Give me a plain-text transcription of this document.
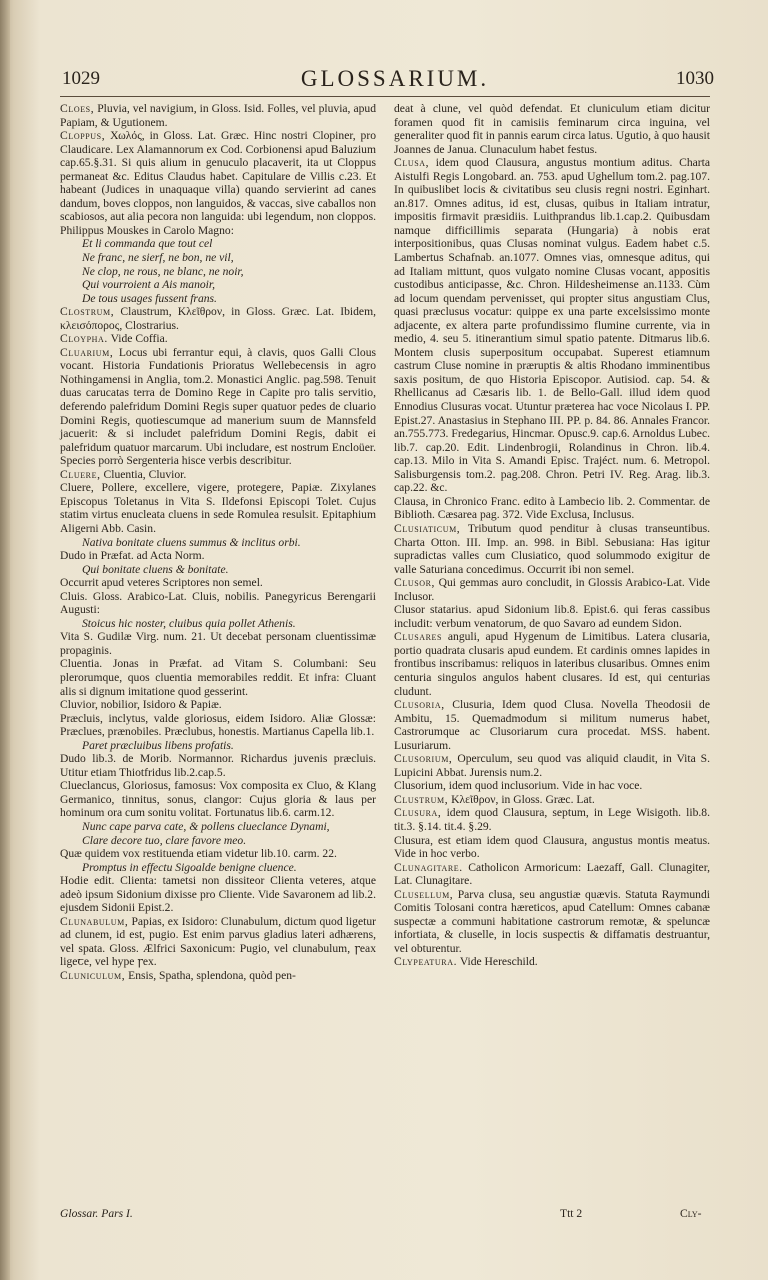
1029	GLOSSARIUM.	1030

Cloes, Pluvia, vel navigium, in Gloss. Isid. Folles, vel pluvia, apud Papiam, & Ugutionem.

Cloppus, Χωλός, in Gloss. Lat. Græc. Hinc nostri Clopiner, pro Claudicare. Lex Alamannorum ex Cod. Corbionensi apud Baluzium cap.65.§.31. Si quis alium in genuculo placaverit, ita ut Cloppus permaneat &c. Editus Claudus habet. Capitulare de Villis c.23. Et habeant (Judices in unaquaque villa) quando servierint ad canes dandum, boves cloppos, non languidos, & vaccas, sive caballos non scabiosos, aut alia pecora non languida: ubi legendum, non cloppos. Philippus Mouskes in Carolo Magno:

Et li commanda que tout cel

Ne franc, ne sierf, ne bon, ne vil,

Ne clop, ne rous, ne blanc, ne noir,

Qui vourroient a Ais manoir,

De tous usages fussent frans.

Clostrum, Claustrum, Κλεῖθρον, in Gloss. Græc. Lat. Ibidem, κλεισόπορος, Clostrarius.

Cloypha. Vide Coffia.

Cluarium, Locus ubi ferrantur equi, à clavis, quos Galli Clous vocant. Historia Fundationis Prioratus Wellebecensis in agro Nothingamensi in Anglia, tom.2. Monastici Anglic. pag.598. Tenuit duas carucatas terra de Domino Rege in Capite pro talis servitio, deferendo palefridum Domini Regis super quatuor pedes de cluario Domini Regis, quotiescumque ad manerium suum de Mannsfeld jacuerit: & si includet palefridum Domini Regis, dabit ei palefridum quatuor marcarum. Ubi includare, est nostrum Encloüer. Species porrò Sergenteria hisce verbis describitur.

Cluere, Cluentia, Cluvior.

Cluere, Pollere, excellere, vigere, protegere, Papiæ. Zixylanes Episcopus Toletanus in Vita S. Ildefonsi Episcopi Tolet. Cujus statim virtus enucleata cluens in sede Romulea resulsit. Epitaphium Aligerni Abb. Casin.

Nativa bonitate cluens summus & inclitus orbi.

Dudo in Præfat. ad Acta Norm.

Qui bonitate cluens & bonitate.

Occurrit apud veteres Scriptores non semel.

Cluis. Gloss. Arabico-Lat. Cluis, nobilis. Panegyricus Berengarii Augusti:

Stoicus hic noster, cluibus quia pollet Athenis.

Vita S. Gudilæ Virg. num. 21. Ut decebat personam cluentissimæ propaginis.

Cluentia. Jonas in Præfat. ad Vitam S. Columbani: Seu plerorumque, quos cluentia memorabiles reddit. Et infra: Cluant alis si dignum imitatione quod gesserint.

Cluvior, nobilior, Isidoro & Papiæ.

Præcluis, inclytus, valde gloriosus, eidem Isidoro. Aliæ Glossæ: Præclues, prænobiles. Præclubus, honestis. Martianus Capella lib.1.

Paret præcluibus libens profatis.

Dudo lib.3. de Morib. Normannor. Richardus juvenis præcluis. Utitur etiam Thiotfridus lib.2.cap.5.

Clueclancus, Gloriosus, famosus: Vox composita ex Cluo, & Klang Germanico, tinnitus, sonus, clangor: Cujus gloria & laus per hominum ora cum sonitu volitat. Fortunatus lib.6. carm.12.

Nunc cape parva cate, & pollens clueclance Dynami,

Clare decore tuo, clare favore meo.

Quæ quidem vox restituenda etiam videtur lib.10. carm. 22.

Promptus in effectu Sigoalde benigne cluence.

Hodie edit. Clienta: tametsi non dissiteor Clienta veteres, atque adeò ipsum Sidonium dixisse pro Cliente. Vide Savaronem ad lib.2. ejusdem Sidonii Epist.2.

Clunabulum, Papias, ex Isidoro: Clunabulum, dictum quod ligetur ad clunem, id est, pugio. Est enim parvus gladius lateri adhærens, vel spata. Gloss. Ælfrici Saxonicum: Pugio, vel clunabulum, ꞅeax ligeꞇe, vel hype ꞅex.

Cluniculum, Ensis, Spatha, splendona, quòd pen-

deat à clune, vel quòd defendat. Et cluniculum etiam dicitur foramen quod fit in camisiis feminarum circa inguina, vel generaliter quod fit in pannis earum circa latus. Ugutio, à quo hausit Joannes de Janua. Clunaculum habet festus.

Clusa, idem quod Clausura, angustus montium aditus. Charta Aistulfi Regis Longobard. an. 753. apud Ughellum tom.2. pag.107. In quibuslibet locis & civitatibus seu clusis regni nostri. Eginhart. an.817. Omnes aditus, id est, clusas, quibus in Italiam intratur, impositis firmavit præsidiis. Luithprandus lib.1.cap.2. Quibusdam namque difficillimis separata (Hungaria) à nobis erat interpositionibus, quas Clusas nominat vulgus. Eadem habet c.5. Lambertus Schafnab. an.1077. Omnes vias, omnesque aditus, qui ad Italiam mittunt, quos vulgato nomine Clusas vocant, appositis custodibus anticipasse, &c. Chron. Hildesheimense an.1133. Cùm ad locum quendam pervenisset, qui propter situs angustiam Clus, quasi præclusus vocatur: quippe ex una parte excelsissimo monte adjacente, ex altera parte profundissimo flumine currente, via in medio, 4. seu 5. itinerantium simul spatio patente. Ditmarus lib.6. Montem clusis superpositum occupabat. Superest etiamnum castrum Cluse nomine in præruptis & altis Rhodano imminentibus saxis positum, de quo Historia Episcopor. Autisiod. cap. 54. & Rhellicanus ad Cæsaris lib. 1. de Bello-Gall. illud idem quod Ennodius Clusuras vocat. Utuntur præterea hac voce Nicolaus I. PP. Epist.27. Anastasius in Stephano III. PP. p. 84. 86. Annales Francor. an.755.773. Fredegarius, Hincmar. Opusc.9. cap.6. Arnoldus Lubec. lib.7. cap.20. Edit. Lindenbrogii, Rolandinus in Chron. lib.4. cap.13. Milo in Vita S. Amandi Episc. Trajéct. num. 6. Metropol. Salisburgensis tom.2. pag.208. Chron. Petri IV. Reg. Arag. lib.3. cap.22. &c.

Clausa, in Chronico Franc. edito à Lambecio lib. 2. Commentar. de Biblioth. Cæsarea pag. 372. Vide Exclusa, Inclusus.

Clusiaticum, Tributum quod penditur à clusas transeuntibus. Charta Otton. III. Imp. an. 998. in Bibl. Sebusiana: Has igitur supradictas valles cum Clusiatico, quod solummodo exigitur de valle Saturiana concedimus. Occurrit ibi non semel.

Clusor, Qui gemmas auro concludit, in Glossis Arabico-Lat. Vide Inclusor.

Clusor statarius. apud Sidonium lib.8. Epist.6. qui feras cassibus includit: verbum venatorum, de quo Savaro ad eundem Sidon.

Clusares anguli, apud Hygenum de Limitibus. Latera clusaria, portio quadrata clusaris apud eundem. Et cardinis omnes lapides in frontibus inscribamus: reliquos in lateribus clusaribus. Omnes enim centuria singulos angulos habent clusares. Id est, qui centurias cludunt.

Clusoria, Clusuria, Idem quod Clusa. Novella Theodosii de Ambitu, 15. Quemadmodum si militum numerus habet, Castrorumque ac Clusoriarum cura procedat. MSS. habent. Lusuriarum.

Clusorium, Operculum, seu quod vas aliquid claudit, in Vita S. Lupicini Abbat. Jurensis num.2.

Clusorium, idem quod inclusorium. Vide in hac voce.

Clustrum, Κλεῖθρον, in Gloss. Græc. Lat.

Clusura, idem quod Clausura, septum, in Lege Wisigoth. lib.8. tit.3. §.14. tit.4. §.29.

Clusura, est etiam idem quod Clausura, angustus montis meatus. Vide in hoc verbo.

Clunagitare. Catholicon Armoricum: Laezaff, Gall. Clunagiter, Lat. Clunagitare.

Clusellum, Parva clusa, seu angustiæ quævis. Statuta Raymundi Comitis Tolosani contra hæreticos, apud Catellum: Omnes cabanæ suspectæ a communi habitatione castrorum remotæ, & speluncæ infortiata, & cluselle, in locis suspectis & diffamatis destruantur, vel obturentur.

Clypeatura. Vide Hereschild.

Glossar. Pars I.	Ttt 2	Cly-
